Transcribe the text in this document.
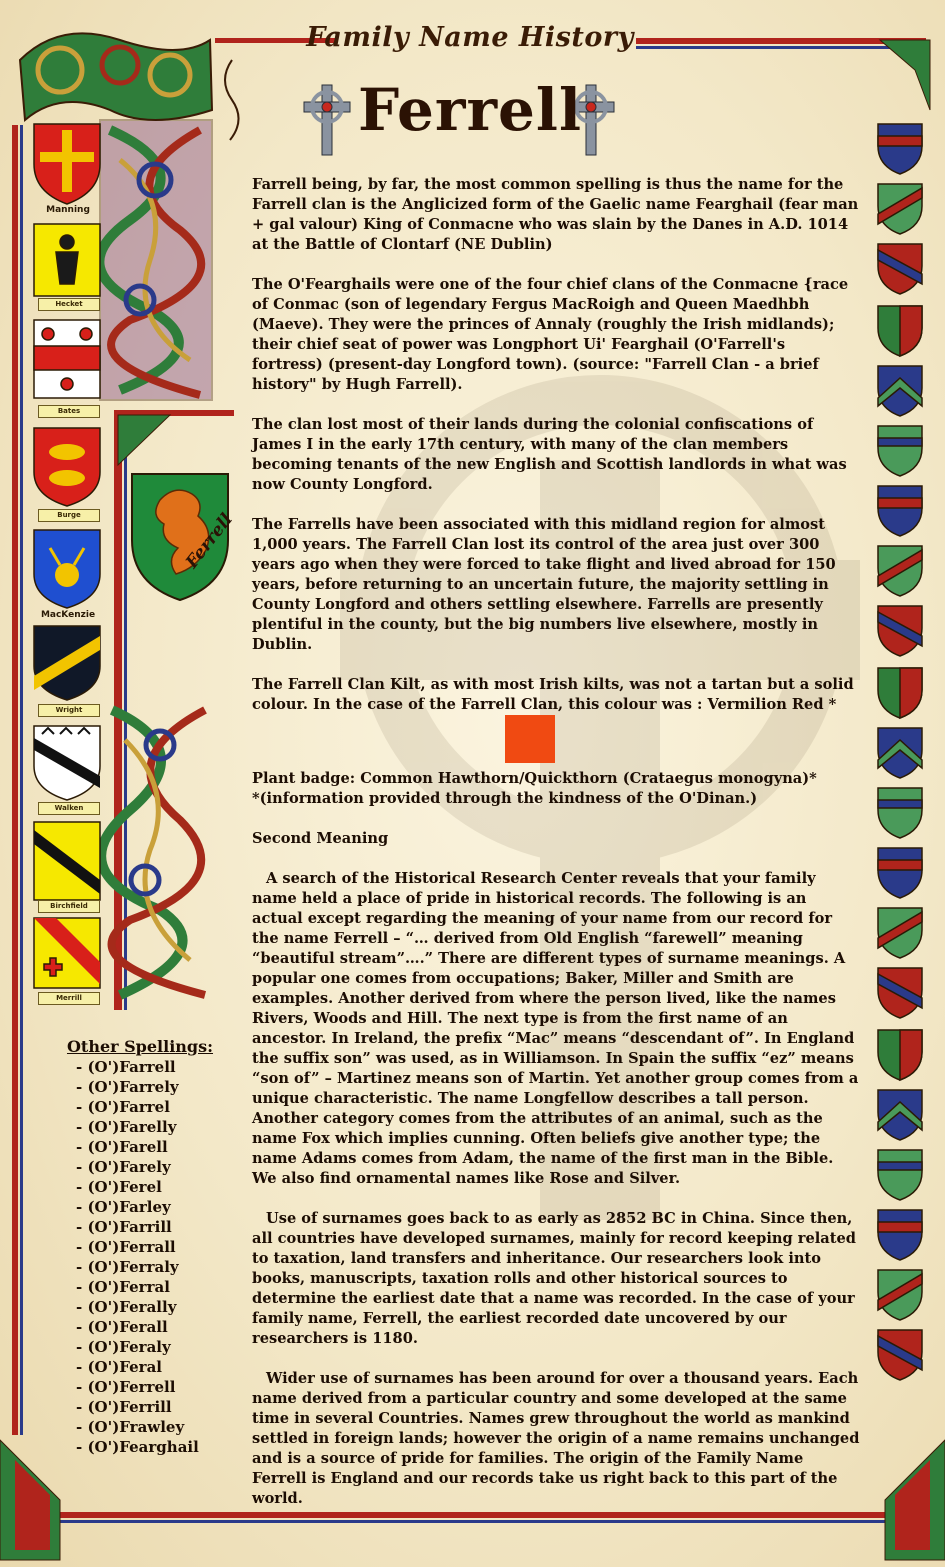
Manning
Hecket
Bates
Burge
MacKenzie
Wright
Walken
Birchfield
Merrill
Ferrell
Family Name History
Ferrell

Farrell being, by far, the most common spelling is thus the name for the Farrell clan is the Anglicized form of the Gaelic name Fearghail (fear man + gal valour) King of Conmacne who was slain by the Danes in A.D. 1014 at the Battle of Clontarf (NE Dublin)

The O'Fearghails were one of the four chief clans of the Conmacne {race of Conmac (son of legendary Fergus MacRoigh and Queen Maedhbh (Maeve). They were the princes of Annaly (roughly the Irish midlands); their chief seat of power was Longphort Ui' Fearghail (O'Farrell's fortress) (present-day Longford town). (source: "Farrell Clan - a brief history" by Hugh Farrell).

The clan lost most of their lands during the colonial confiscations of James I in the early 17th century, with many of the clan members becoming tenants of the new English and Scottish landlords in what was now County Longford.

The Farrells have been associated with this midland region for almost 1,000 years. The Farrell Clan lost its control of the area just over 300 years ago when they were forced to take flight and lived abroad for 150 years, before returning to an uncertain future, the majority settling in County Longford and others settling elsewhere. Farrells are presently plentiful in the county, but the big numbers live elsewhere, mostly in Dublin.

The Farrell Clan Kilt, as with most Irish kilts, was not a tartan but a solid colour. In the case of the Farrell Clan, this colour was : Vermilion Red *

Plant badge: Common Hawthorn/Quickthorn (Crataegus monogyna)*

*(information provided through the kindness of the O'Dinan.)

Second Meaning

A search of the Historical Research Center reveals that your family name held a place of pride in historical records. The following is an actual except regarding the meaning of your name from our record for the name Ferrell – “… derived from Old English “farewell” meaning “beautiful stream”….” There are different types of surname meanings. A popular one comes from occupations; Baker, Miller and Smith are examples. Another derived from where the person lived, like the names Rivers, Woods and Hill. The next type is from the first name of an ancestor. In Ireland, the prefix “Mac” means “descendant of”. In England the suffix son” was used, as in Williamson. In Spain the suffix “ez” means “son of” – Martinez means son of Martin. Yet another group comes from a unique characteristic. The name Longfellow describes a tall person. Another category comes from the attributes of an animal, such as the name Fox which implies cunning. Often beliefs give another type; the name Adams comes from Adam, the name of the first man in the Bible. We also find ornamental names like Rose and Silver.

Use of surnames goes back to as early as 2852 BC in China. Since then, all countries have developed surnames, mainly for record keeping related to taxation, land transfers and inheritance. Our researchers look into books, manuscripts, taxation rolls and other historical sources to determine the earliest date that a name was recorded. In the case of your family name, Ferrell, the earliest recorded date uncovered by our researchers is 1180.

Wider use of surnames has been around for over a thousand years. Each name derived from a particular country and some developed at the same time in several Countries. Names grew throughout the world as mankind settled in foreign lands; however the origin of a name remains unchanged and is a source of pride for families. The origin of the Family Name Ferrell is England and our records take us right back to this part of the world.

Other Spellings:
- (O')Farrell
- (O')Farrely
- (O')Farrel
- (O')Farelly
- (O')Farell
- (O')Farely
- (O')Ferel
- (O')Farley
- (O')Farrill
- (O')Ferrall
- (O')Ferraly
- (O')Ferral
- (O')Ferally
- (O')Ferall
- (O')Feraly
- (O')Feral
- (O')Ferrell
- (O')Ferrill
- (O')Frawley
- (O')Fearghail
